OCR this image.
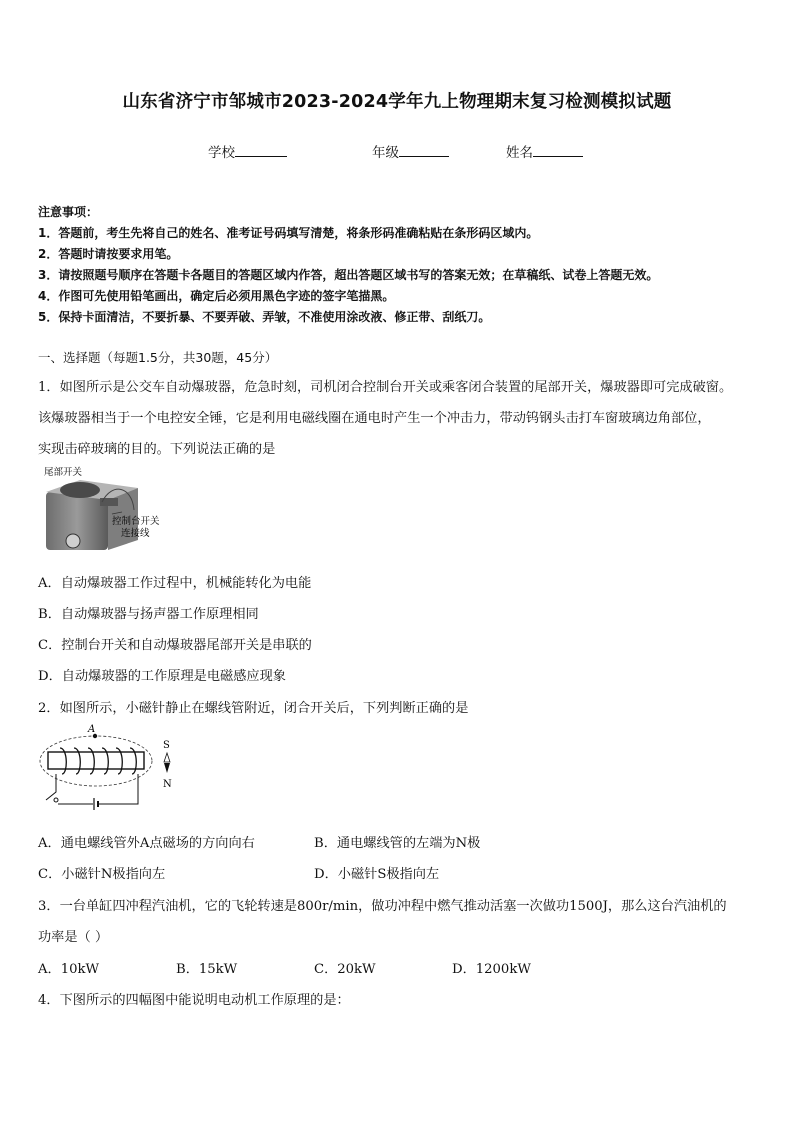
山东省济宁市邹城市2023-2024学年九上物理期末复习检测模拟试题
学校	年级	姓名
注意事项：
1．答题前，考生先将自己的姓名、准考证号码填写清楚，将条形码准确粘贴在条形码区域内。
2．答题时请按要求用笔。
3．请按照题号顺序在答题卡各题目的答题区域内作答，超出答题区域书写的答案无效；在草稿纸、试卷上答题无效。
4．作图可先使用铅笔画出，确定后必须用黑色字迹的签字笔描黑。
5．保持卡面清洁，不要折暴、不要弄破、弄皱，不准使用涂改液、修正带、刮纸刀。
一、选择题（每题1.5分，共30题，45分）
1．如图所示是公交车自动爆玻器，危急时刻，司机闭合控制台开关或乘客闭合装置的尾部开关，爆玻器即可完成破窗。
该爆玻器相当于一个电控安全锤，它是利用电磁线圈在通电时产生一个冲击力，带动钨钢头击打车窗玻璃边角部位，
实现击碎玻璃的目的。下列说法正确的是
尾部开关
控制台开关
连接线
A．自动爆玻器工作过程中，机械能转化为电能
B．自动爆玻器与扬声器工作原理相同
C．控制台开关和自动爆玻器尾部开关是串联的
D．自动爆玻器的工作原理是电磁感应现象
2．如图所示，小磁针静止在螺线管附近，闭合开关后，下列判断正确的是
A
S
N
A．通电螺线管外A点磁场的方向向右	B．通电螺线管的左端为N极
C．小磁针N极指向左	D．小磁针S极指向左
3．一台单缸四冲程汽油机，它的飞轮转速是800r/min，做功冲程中燃气推动活塞一次做功1500J，那么这台汽油机的
功率是（ ）
A．10kW	B．15kW	C．20kW	D．1200kW
4．下图所示的四幅图中能说明电动机工作原理的是：
